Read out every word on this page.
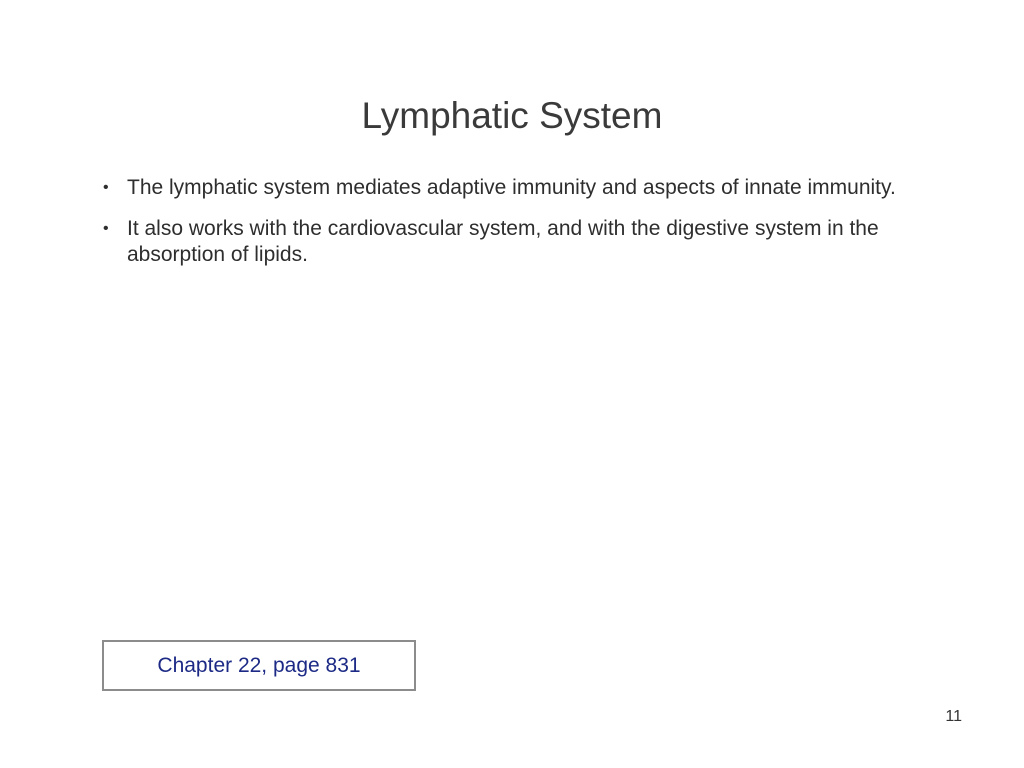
Lymphatic System
• The lymphatic system mediates adaptive immunity and aspects of innate immunity.
• It also works with the cardiovascular system, and with the digestive system in the absorption of lipids.
Chapter 22, page 831
11
